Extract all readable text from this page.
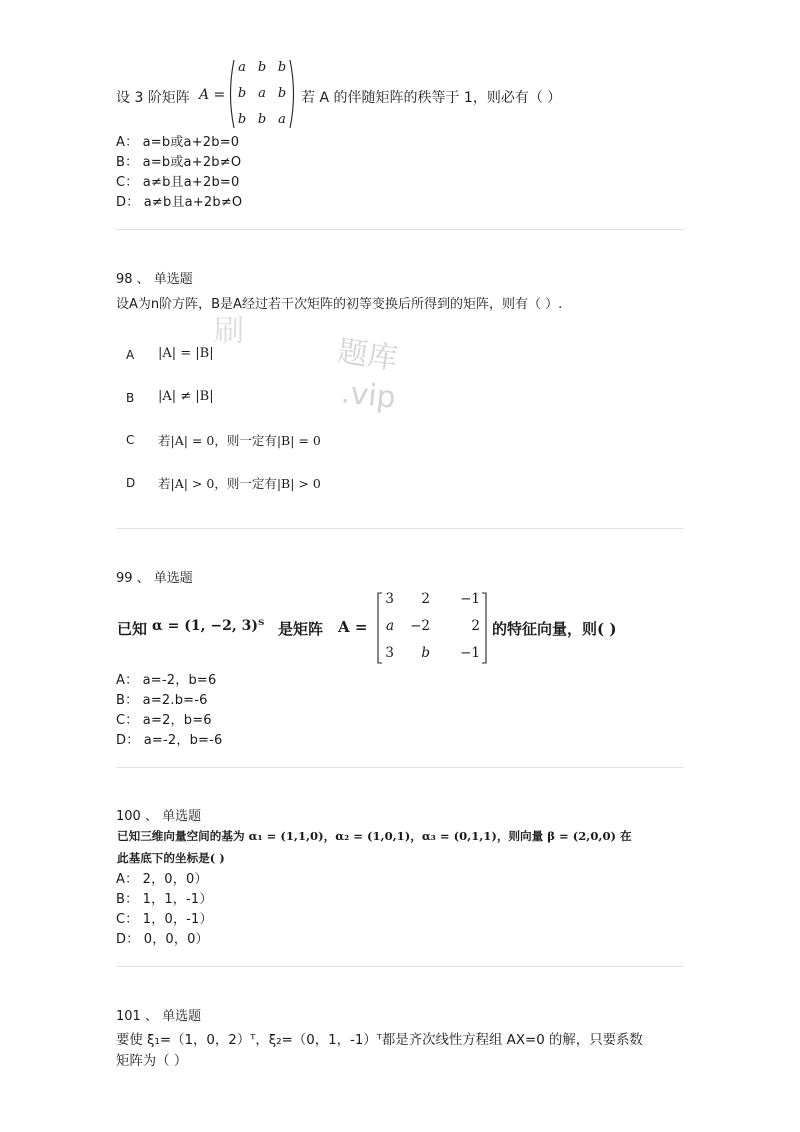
设 3 阶矩阵 A =
a b b
b a b
b b a
若 A 的伴随矩阵的秩等于 1，则必有（ ）
A： a=b或a+2b=0
B： a=b或a+2b≠O
C： a≠b且a+2b=0
D： a≠b且a+2b≠O
98 、 单选题
设A为n阶方阵，B是A经过若干次矩阵的初等变换后所得到的矩阵，则有（ ）.
刷
题库
.vip
A |A| = |B|
B |A| ≠ |B|
C 若|A| = 0，则一定有|B| = 0
D 若|A| > 0，则一定有|B| > 0
99 、 单选题
已知 α = (1, −2, 3)ᵀ 是矩阵 A =
3	2	−1
a	−2	2
3	b	−1
的特征向量，则( )
A： a=-2，b=6
B： a=2.b=-6
C： a=2，b=6
D： a=-2，b=-6
100 、 单选题
已知三维向量空间的基为 α₁ = (1,1,0)，α₂ = (1,0,1)，α₃ = (0,1,1)，则向量 β = (2,0,0) 在
此基底下的坐标是( )
A： 2，0，0）
B： 1，1，-1）
C： 1，0，-1）
D： 0，0，0）
101 、 单选题
要使 ξ₁=（1，0，2）ᵀ，ξ₂=（0，1，-1）ᵀ都是齐次线性方程组 AX=0 的解，只要系数
矩阵为（ ）
